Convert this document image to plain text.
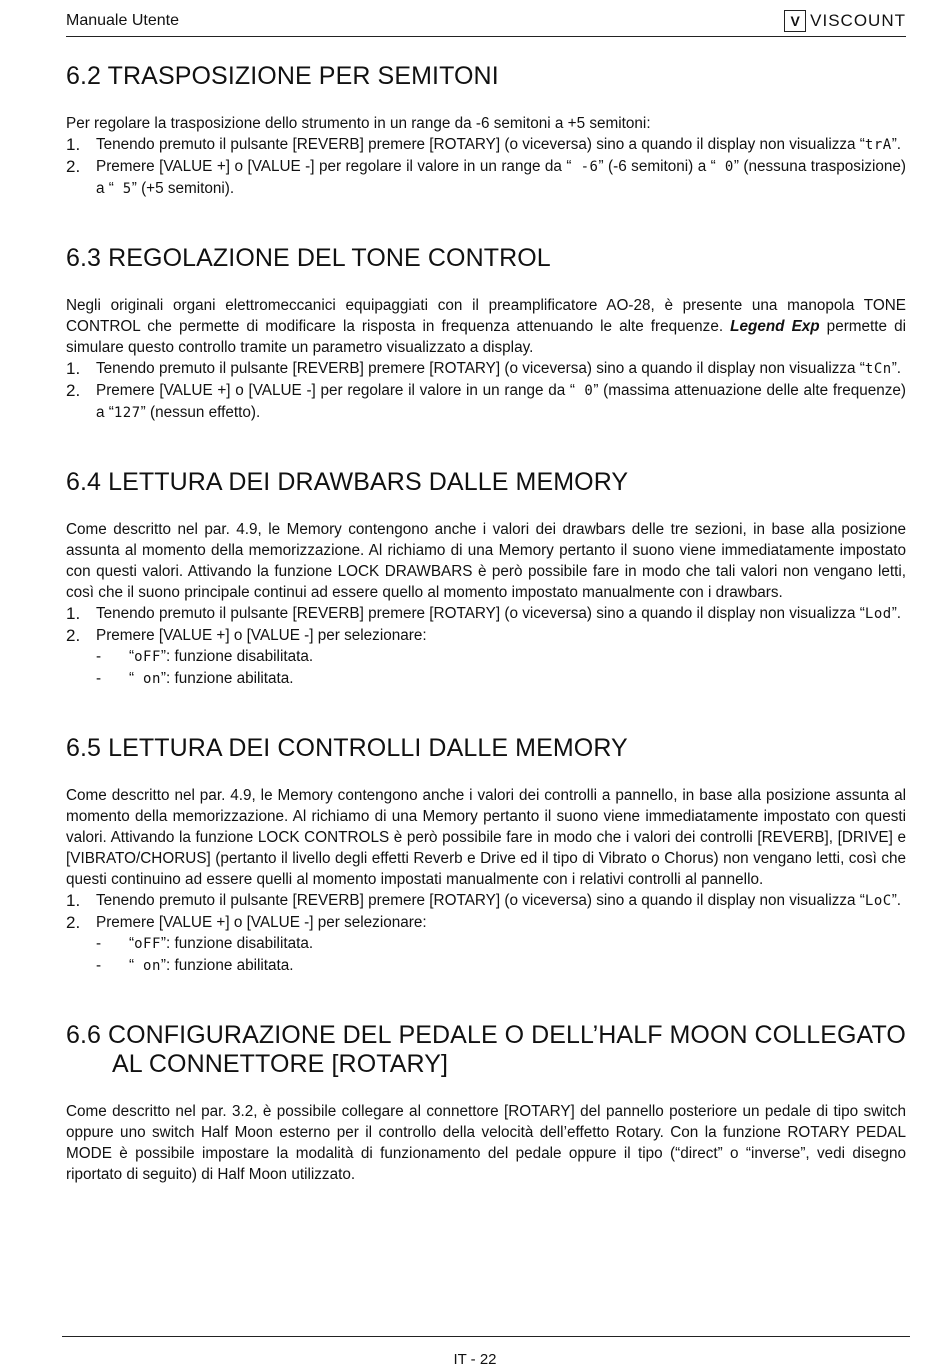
Manuale Utente	V VISCOUNT
6.2 TRASPOSIZIONE PER SEMITONI

Per regolare la trasposizione dello strumento in un range da -6 semitoni a +5 semitoni:

1.	Tenendo premuto il pulsante [REVERB] premere [ROTARY] (o viceversa) sino a quando il display non visualizza “trA”.
2.	Premere [VALUE +] o [VALUE -] per regolare il valore in un range da “ -6” (-6 semitoni) a “ 0” (nessuna trasposizione) a “ 5” (+5 semitoni).
6.3 REGOLAZIONE DEL TONE CONTROL

Negli originali organi elettromeccanici equipaggiati con il preamplificatore AO-28, è presente una manopola TONE CONTROL che permette di modificare la risposta in frequenza attenuando le alte frequenze. Legend Exp permette di simulare questo controllo tramite un parametro visualizzato a display.

1.	Tenendo premuto il pulsante [REVERB] premere [ROTARY] (o viceversa) sino a quando il display non visualizza “tCn”.
2.	Premere [VALUE +] o [VALUE -] per regolare il valore in un range da “ 0” (massima attenuazione delle alte frequenze) a “127” (nessun effetto).
6.4 LETTURA DEI DRAWBARS DALLE MEMORY

Come descritto nel par. 4.9, le Memory contengono anche i valori dei drawbars delle tre sezioni, in base alla posizione assunta al momento della memorizzazione. Al richiamo di una Memory pertanto il suono viene immediatamente impostato con questi valori. Attivando la funzione LOCK DRAWBARS è però possibile fare in modo che tali valori non vengano letti, così che il suono principale continui ad essere quello al momento impostato manualmente con i drawbars.

1.	Tenendo premuto il pulsante [REVERB] premere [ROTARY] (o viceversa) sino a quando il display non visualizza “Lod”.
2.	Premere [VALUE +] o [VALUE -] per selezionare:
-	“oFF”: funzione disabilitata.
-	“ on”: funzione abilitata.
6.5 LETTURA DEI CONTROLLI DALLE MEMORY

Come descritto nel par. 4.9, le Memory contengono anche i valori dei controlli a pannello, in base alla posizione assunta al momento della memorizzazione. Al richiamo di una Memory pertanto il suono viene immediatamente impostato con questi valori. Attivando la funzione LOCK CONTROLS è però possibile fare in modo che i valori dei controlli [REVERB], [DRIVE] e [VIBRATO/CHORUS] (pertanto il livello degli effetti Reverb e Drive ed il tipo di Vibrato o Chorus) non vengano letti, così che questi continuino ad essere quelli al momento impostati manualmente con i relativi controlli al pannello.

1.	Tenendo premuto il pulsante [REVERB] premere [ROTARY] (o viceversa) sino a quando il display non visualizza “LoC”.
2.	Premere [VALUE +] o [VALUE -] per selezionare:
-	“oFF”: funzione disabilitata.
-	“ on”: funzione abilitata.
6.6 CONFIGURAZIONE DEL PEDALE O DELL’HALF MOON COLLEGATO
AL CONNETTORE [ROTARY]

Come descritto nel par. 3.2, è possibile collegare al connettore [ROTARY] del pannello posteriore un pedale di tipo switch oppure uno switch Half Moon esterno per il controllo della velocità dell’effetto Rotary. Con la funzione ROTARY PEDAL MODE è possibile impostare la modalità di funzionamento del pedale oppure il tipo (“direct” o “inverse”, vedi disegno riportato di seguito) di Half Moon utilizzato.

IT - 22
